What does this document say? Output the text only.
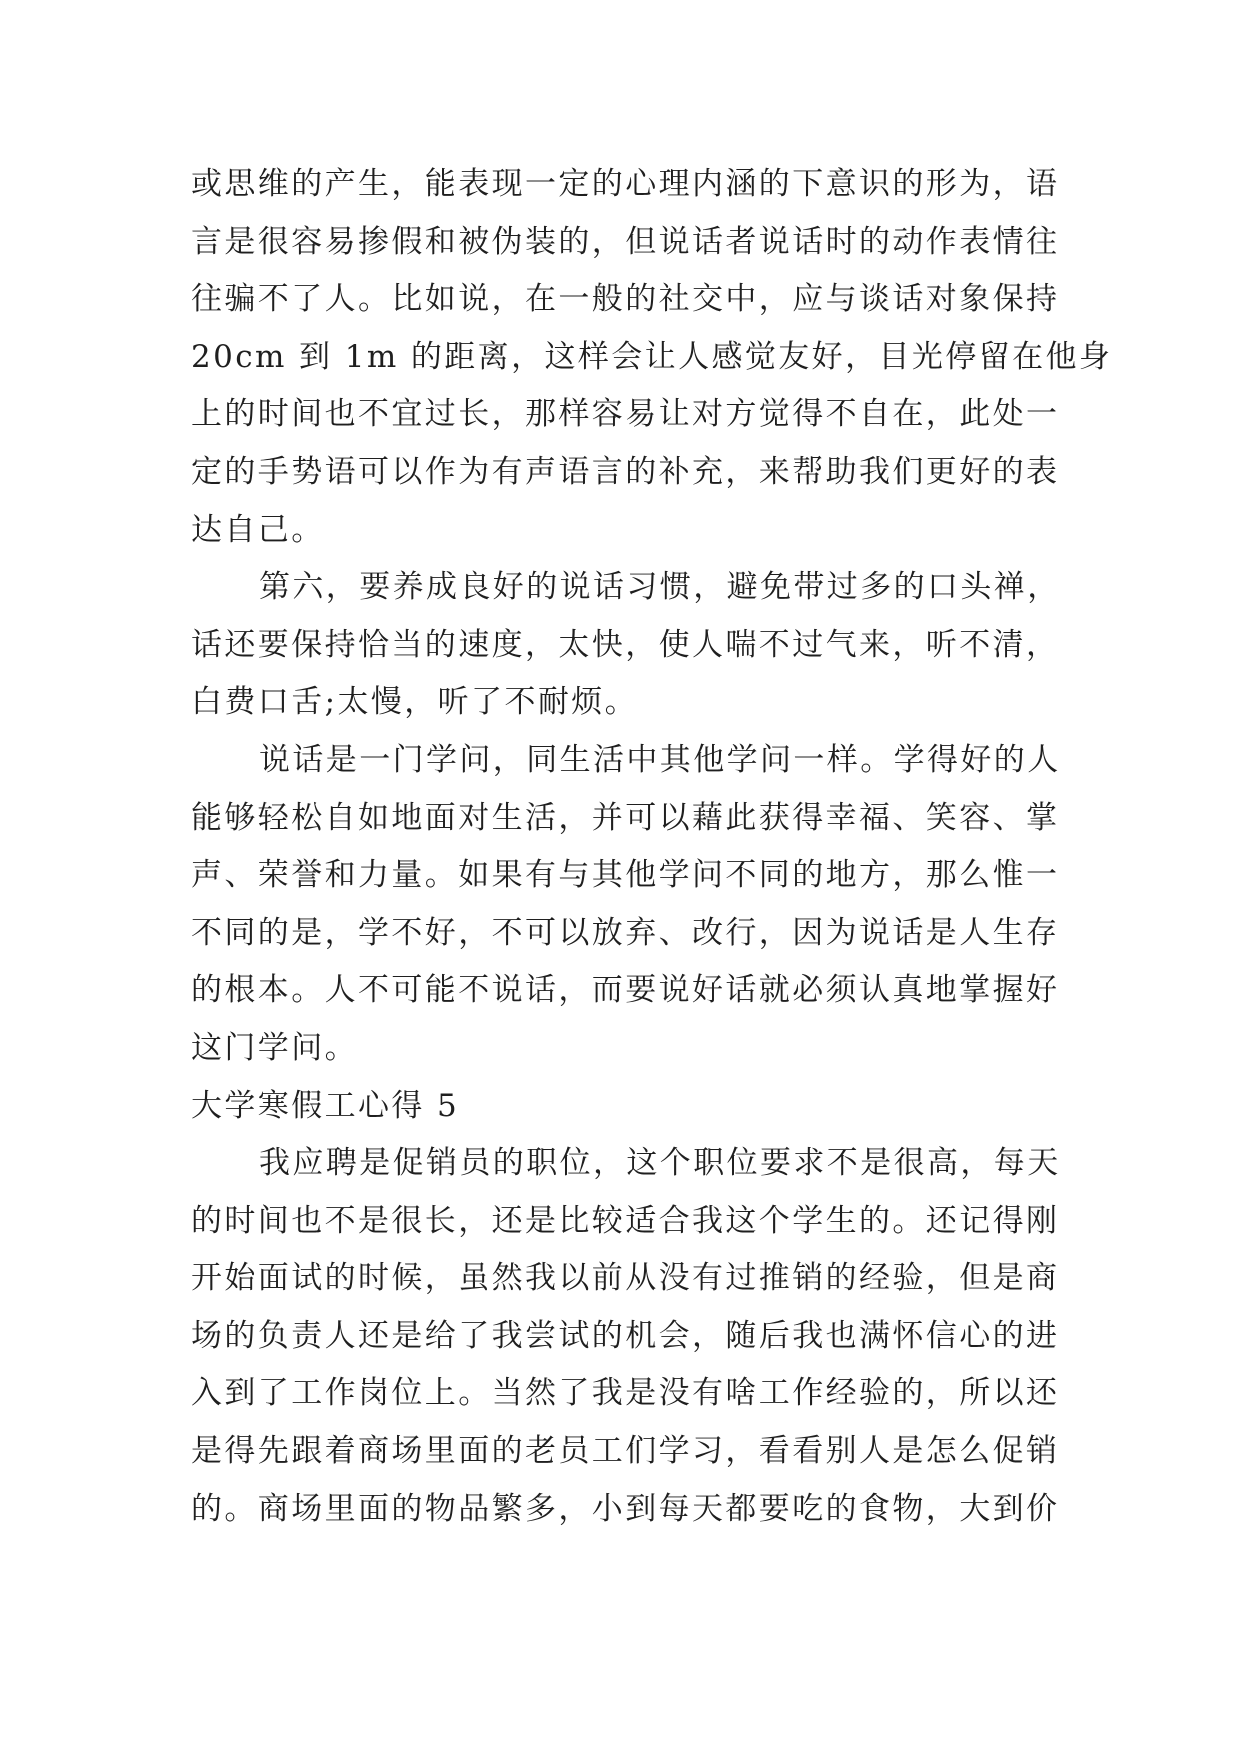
或思维的产生，能表现一定的心理内涵的下意识的形为，语
言是很容易掺假和被伪装的，但说话者说话时的动作表情往
往骗不了人。比如说，在一般的社交中，应与谈话对象保持
20cm 到 1m 的距离，这样会让人感觉友好，目光停留在他身
上的时间也不宜过长，那样容易让对方觉得不自在，此处一
定的手势语可以作为有声语言的补充，来帮助我们更好的表
达自己。
第六，要养成良好的说话习惯，避免带过多的口头禅，
话还要保持恰当的速度，太快，使人喘不过气来，听不清，
白费口舌;太慢，听了不耐烦。
说话是一门学问，同生活中其他学问一样。学得好的人
能够轻松自如地面对生活，并可以藉此获得幸福、笑容、掌
声、荣誉和力量。如果有与其他学问不同的地方，那么惟一
不同的是，学不好，不可以放弃、改行，因为说话是人生存
的根本。人不可能不说话，而要说好话就必须认真地掌握好
这门学问。
大学寒假工心得 5
我应聘是促销员的职位，这个职位要求不是很高，每天
的时间也不是很长，还是比较适合我这个学生的。还记得刚
开始面试的时候，虽然我以前从没有过推销的经验，但是商
场的负责人还是给了我尝试的机会，随后我也满怀信心的进
入到了工作岗位上。当然了我是没有啥工作经验的，所以还
是得先跟着商场里面的老员工们学习，看看别人是怎么促销
的。商场里面的物品繁多，小到每天都要吃的食物，大到价
